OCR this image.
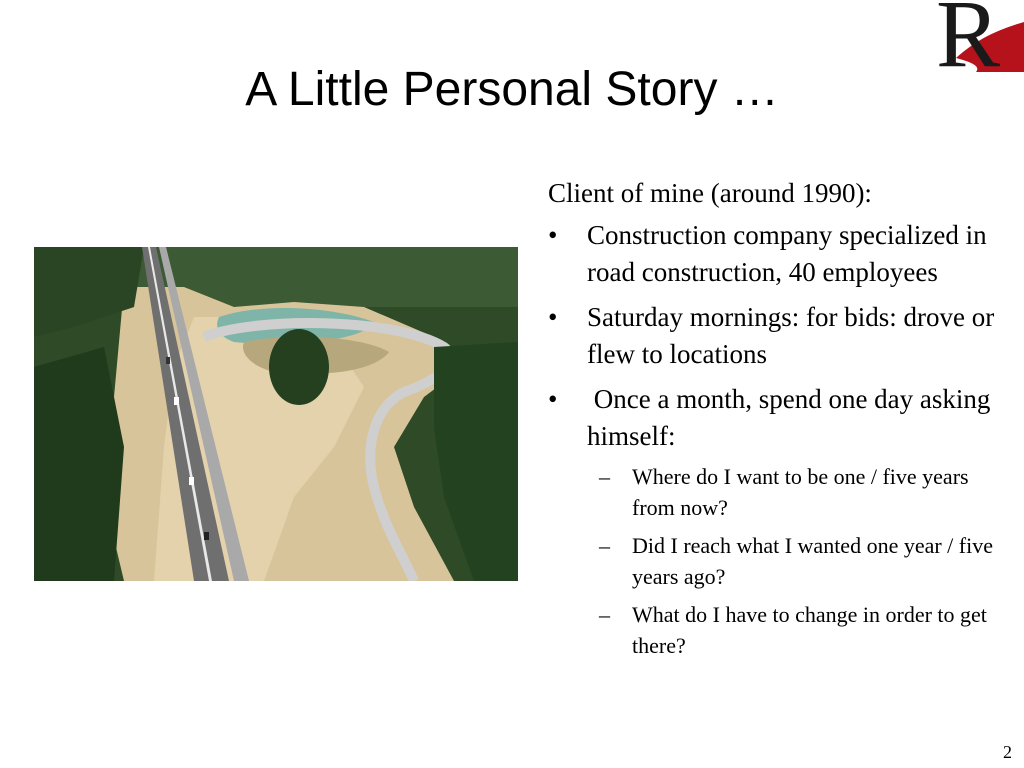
R
A Little Personal Story …

Client of mine (around 1990):

• Construction company specialized in road construction, 40 employees
• Saturday mornings: for bids: drove or flew to locations
• Once a month, spend one day asking himself:
– Where do I want to be one / five years from now?
– Did I reach what I wanted one year / five years ago?
– What do I have to change in order to get there?
2
